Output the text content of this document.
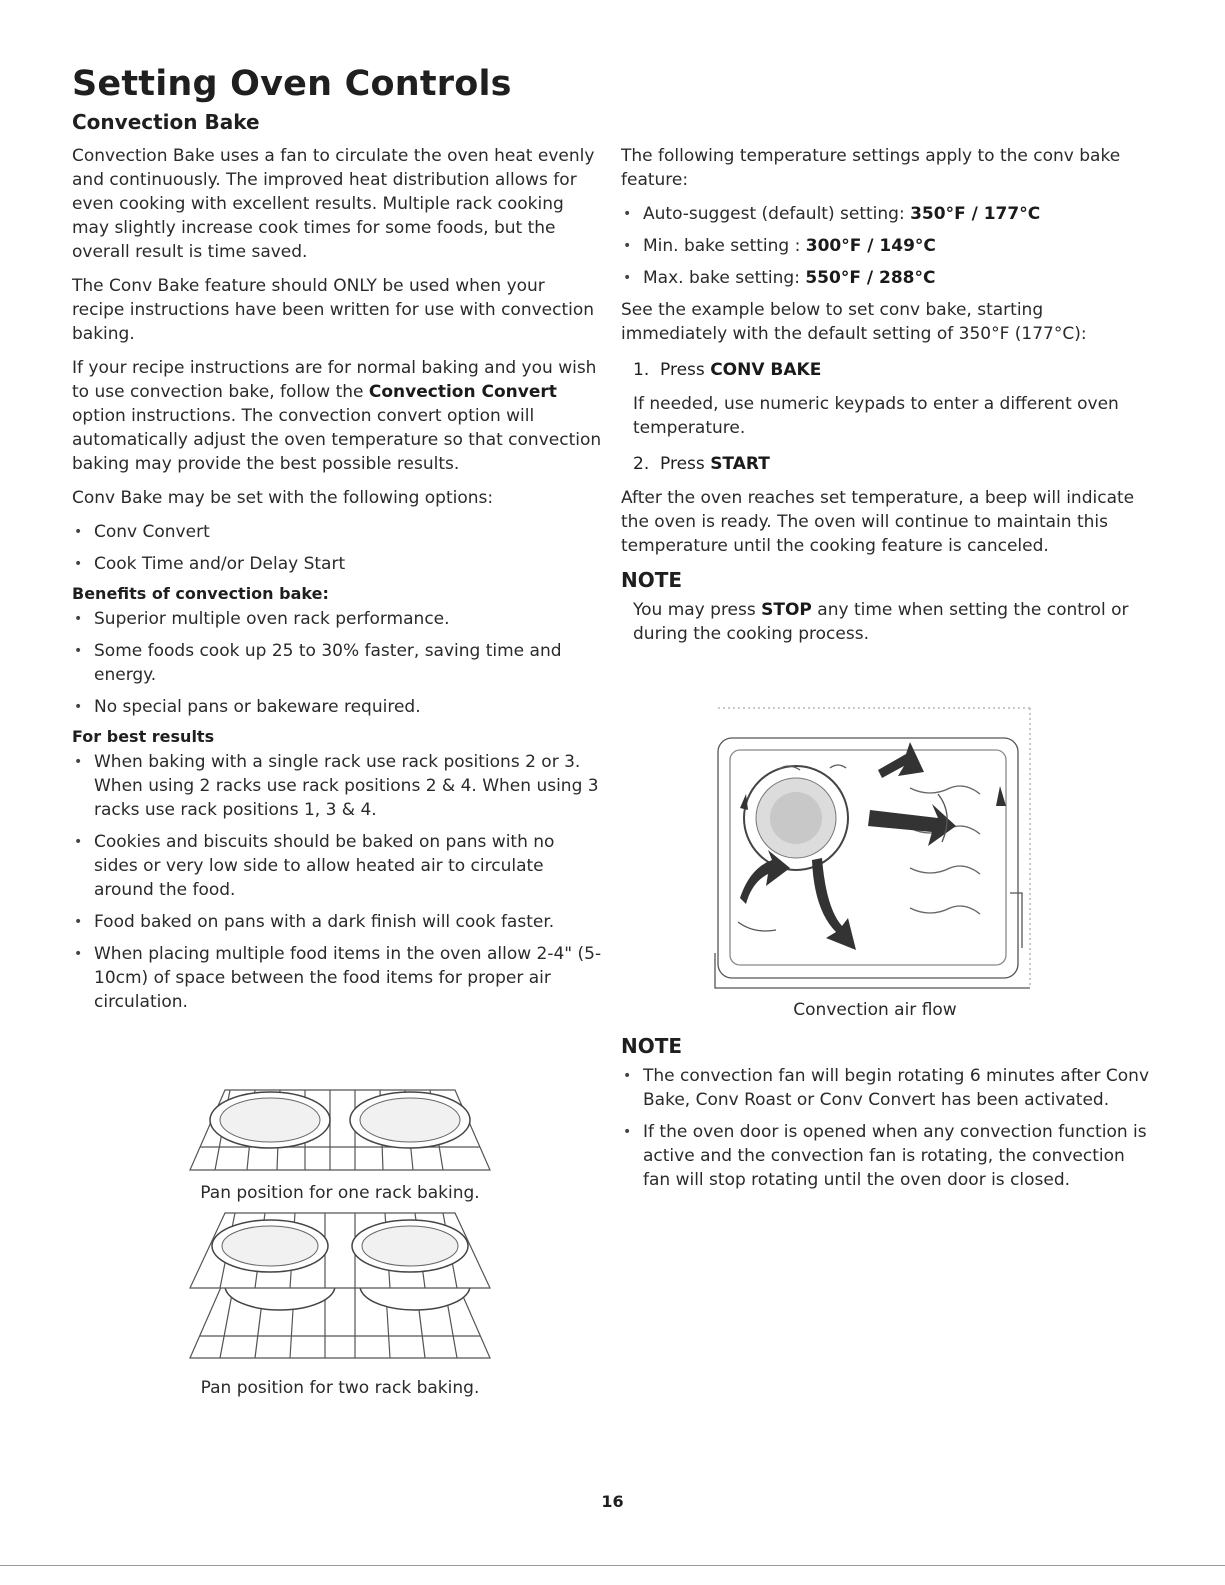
Setting Oven Controls
Convection Bake

Convection Bake uses a fan to circulate the oven heat evenly and continuously. The improved heat distribution allows for even cooking with excellent results. Multiple rack cooking may slightly increase cook times for some foods, but the overall result is time saved.

The Conv Bake feature should ONLY be used when your recipe instructions have been written for use with convection baking.

If your recipe instructions are for normal baking and you wish to use convection bake, follow the Convection Convert option instructions. The convection convert option will automatically adjust the oven temperature so that convection baking may provide the best possible results.

Conv Bake may be set with the following options:

• Conv Convert
• Cook Time and/or Delay Start
Benefits of convection bake:
• Superior multiple oven rack performance.
• Some foods cook up 25 to 30% faster, saving time and energy.
• No special pans or bakeware required.
For best results
• When baking with a single rack use rack positions 2 or 3. When using 2 racks use rack positions 2 & 4. When using 3 racks use rack positions 1, 3 & 4.
• Cookies and biscuits should be baked on pans with no sides or very low side to allow heated air to circulate around the food.
• Food baked on pans with a dark finish will cook faster.
• When placing multiple food items in the oven allow 2-4" (5-10cm) of space between the food items for proper air circulation.

Pan position for one rack baking.

Pan position for two rack baking.

The following temperature settings apply to the conv bake feature:

• Auto-suggest (default) setting: 350°F / 177°C
• Min. bake setting : 300°F / 149°C
• Max. bake setting: 550°F / 288°C

See the example below to set conv bake, starting immediately with the default setting of 350°F (177°C):

1.  Press CONV BAKE

If needed, use numeric keypads to enter a different oven temperature.

2.  Press START

After the oven reaches set temperature, a beep will indicate the oven is ready. The oven will continue to maintain this temperature until the cooking feature is canceled.

NOTE

You may press STOP any time when setting the control or during the cooking process.

Convection air flow

NOTE
• The convection fan will begin rotating 6 minutes after Conv Bake, Conv Roast or Conv Convert has been activated.
• If the oven door is opened when any convection function is active and the convection fan is rotating, the convection fan will stop rotating until the oven door is closed.
16
